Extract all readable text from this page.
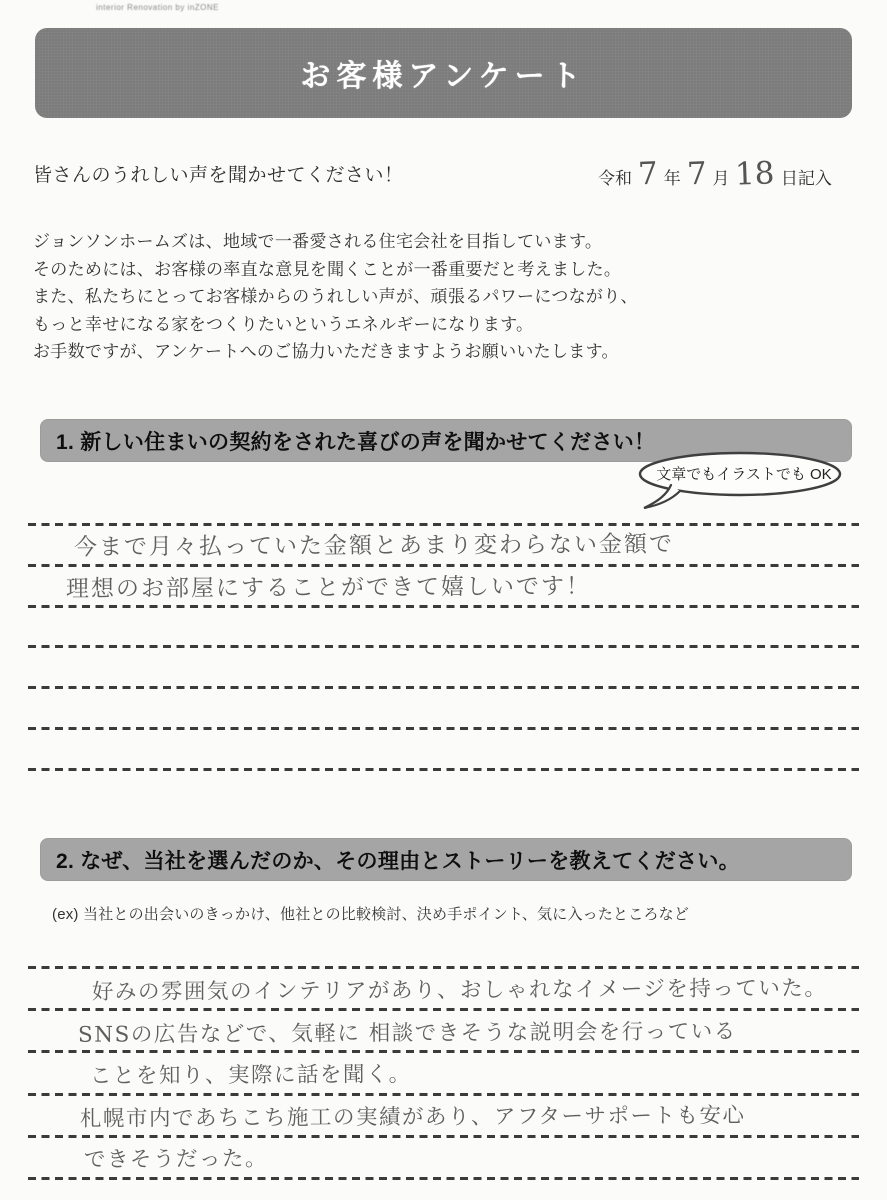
interior Renovation by inZONE
お客様アンケート
皆さんのうれしい声を聞かせてください！	令和 7 年 7 月 18 日記入
ジョンソンホームズは、地域で一番愛される住宅会社を目指しています。
そのためには、お客様の率直な意見を聞くことが一番重要だと考えました。
また、私たちにとってお客様からのうれしい声が、頑張るパワーにつながり、
もっと幸せになる家をつくりたいというエネルギーになります。
お手数ですが、アンケートへのご協力いただきますようお願いいたします。
1. 新しい住まいの契約をされた喜びの声を聞かせてください！
文章でもイラストでも OK
今まで月々払っていた金額とあまり変わらない金額で
理想のお部屋にすることができて嬉しいです！
2. なぜ、当社を選んだのか、その理由とストーリーを教えてください。
(ex) 当社との出会いのきっかけ、他社との比較検討、決め手ポイント、気に入ったところなど
好みの雰囲気のインテリアがあり、おしゃれなイメージを持っていた。
SNSの広告などで、気軽に 相談できそうな説明会を行っている
ことを知り、実際に話を聞く。
札幌市内であちこち施工の実績があり、アフターサポートも安心
できそうだった。
